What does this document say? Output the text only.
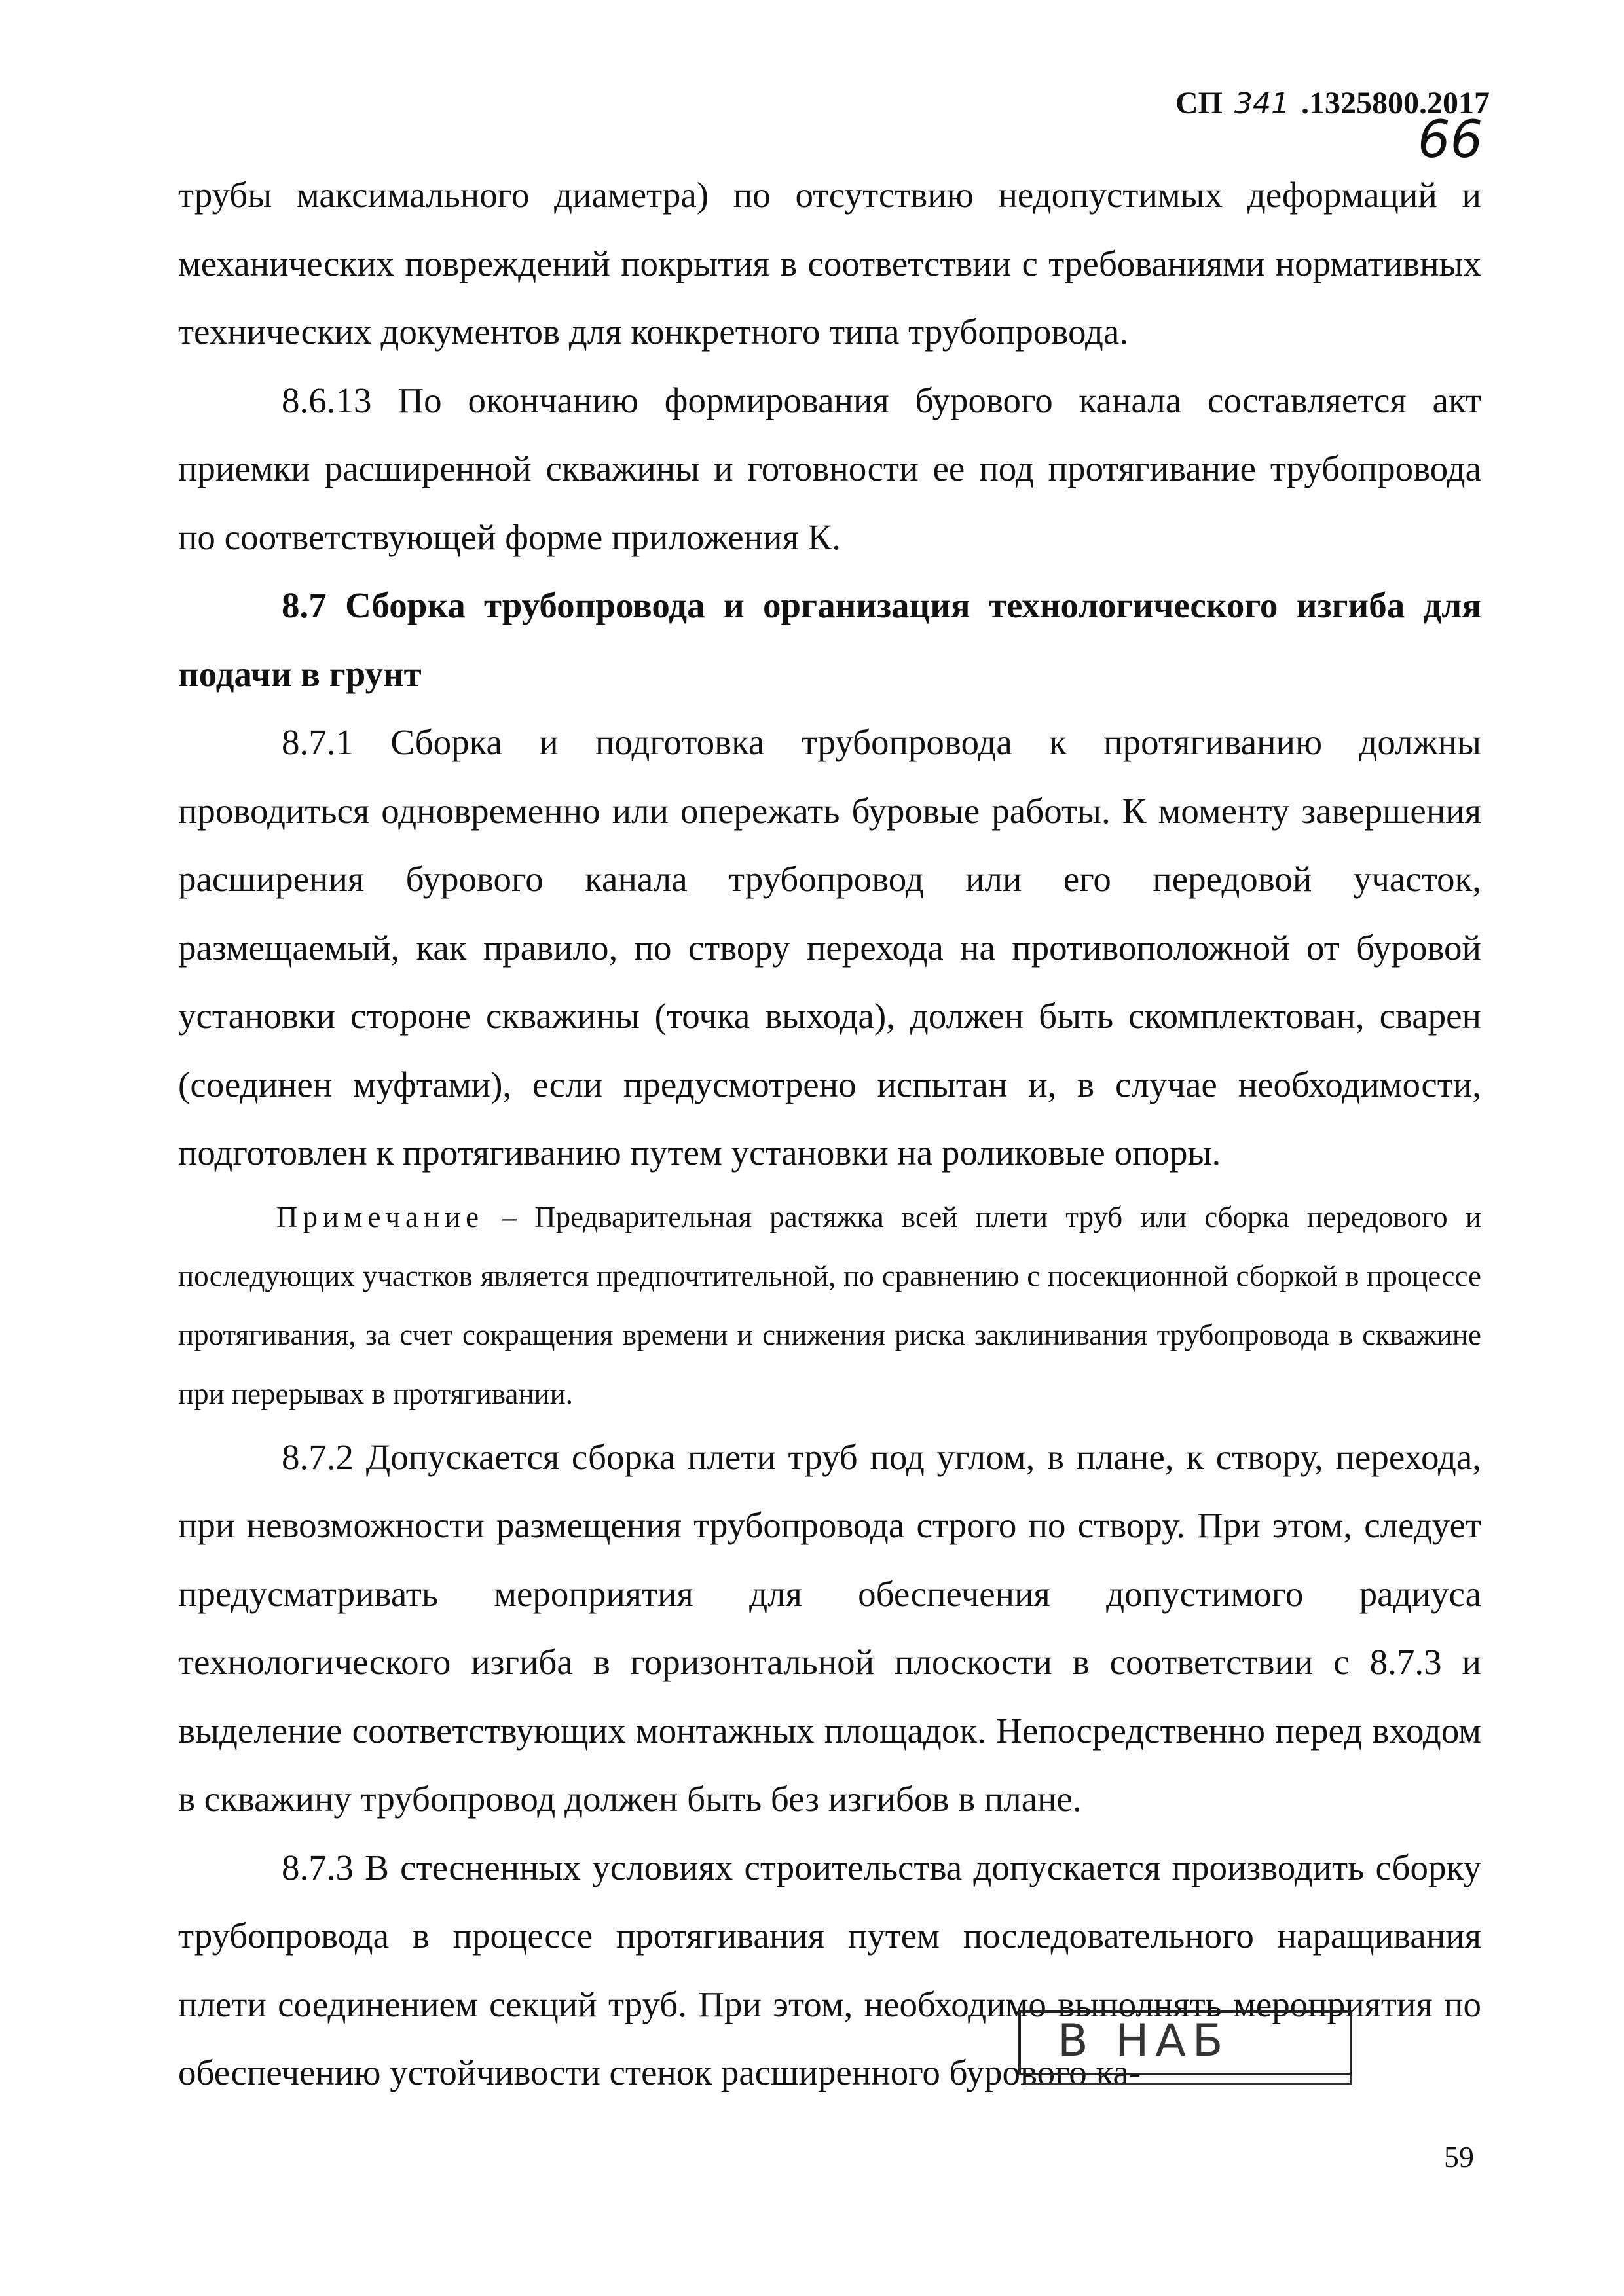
СП 341 .1325800.2017
66

трубы максимального диаметра) по отсутствию недопустимых деформаций и механических повреждений покрытия в соответствии с требованиями нормативных технических документов для конкретного типа трубопровода.

8.6.13 По окончанию формирования бурового канала составляется акт приемки расширенной скважины и готовности ее под протягивание трубопровода по соответствующей форме приложения К.

8.7 Сборка трубопровода и организация технологического изгиба для подачи в грунт

8.7.1 Сборка и подготовка трубопровода к протягиванию должны проводиться одновременно или опережать буровые работы. К моменту завершения расширения бурового канала трубопровод или его передовой участок, размещаемый, как правило, по створу перехода на противоположной от буровой установки стороне скважины (точка выхода), должен быть скомплектован, сварен (соединен муфтами), если предусмотрено испытан и, в случае необходимости, подготовлен к протягиванию путем установки на роликовые опоры.

Примечание – Предварительная растяжка всей плети труб или сборка передового и последующих участков является предпочтительной, по сравнению с посекционной сборкой в процессе протягивания, за счет сокращения времени и снижения риска заклинивания трубопровода в скважине при перерывах в протягивании.

8.7.2 Допускается сборка плети труб под углом, в плане, к створу, перехода, при невозможности размещения трубопровода строго по створу. При этом, следует предусматривать мероприятия для обеспечения допустимого радиуса технологического изгиба в горизонтальной плоскости в соответствии с 8.7.3 и выделение соответствующих монтажных площадок. Непосредственно перед входом в скважину трубопровод должен быть без изгибов в плане.

8.7.3 В стесненных условиях строительства допускается производить сборку трубопровода в процессе протягивания путем последовательного наращивания плети соединением секций труб. При этом, необходимо выполнять мероприятия по обеспечению устойчивости стенок расширенного бурового ка-

В НАБ
59
